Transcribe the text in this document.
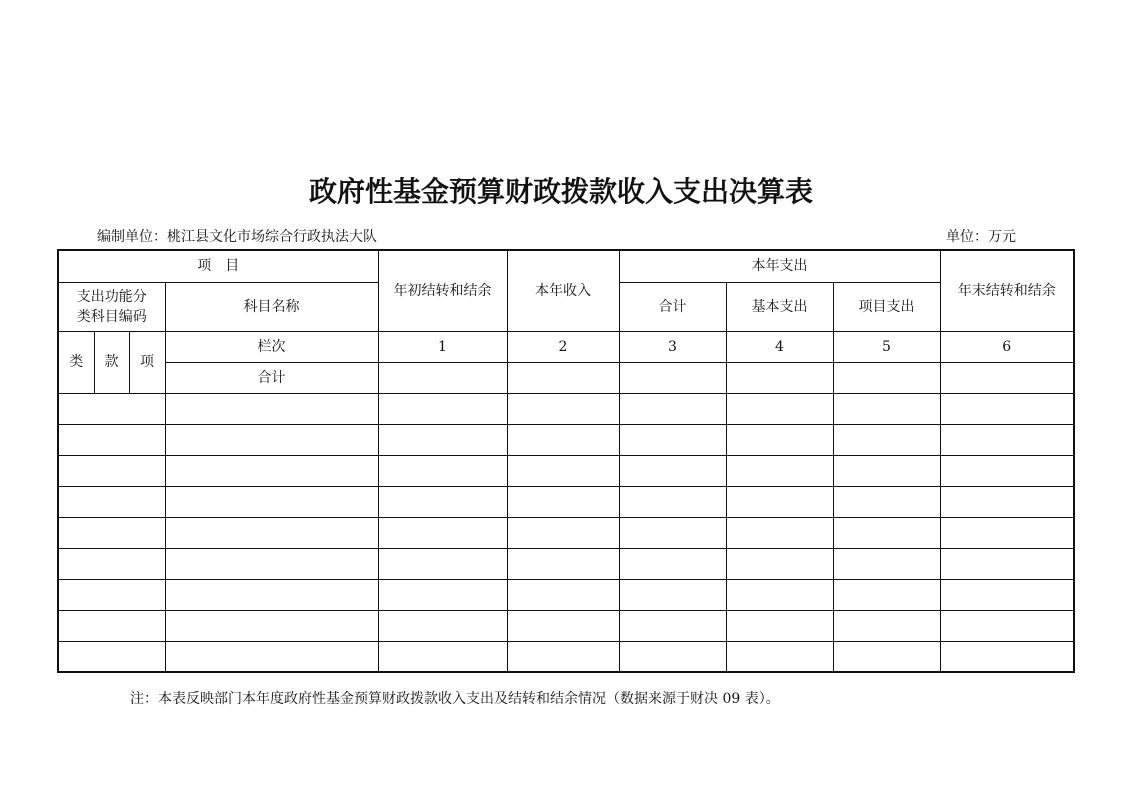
政府性基金预算财政拨款收入支出决算表
编制单位：桃江县文化市场综合行政执法大队	单位：万元
项　目				年初结转和结余	本年收入	本年支出			年末结转和结余
支出功能分类科目编码			科目名称			合计	基本支出	项目支出	
类	款	项	栏次	1	2	3	4	5	6
			合计						

注：本表反映部门本年度政府性基金预算财政拨款收入支出及结转和结余情况（数据来源于财决 09 表）。
